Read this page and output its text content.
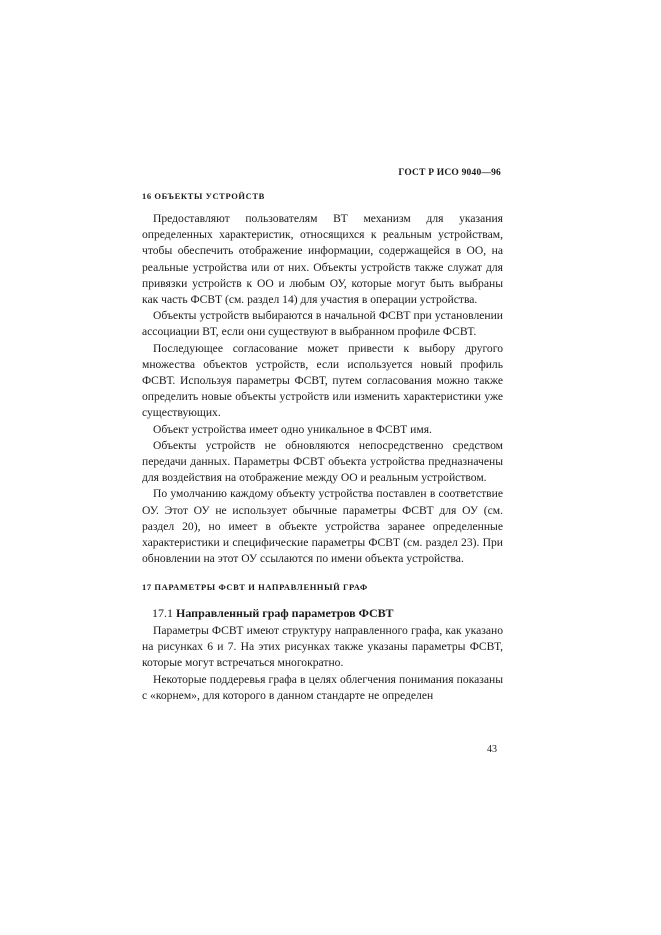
ГОСТ Р ИСО 9040—96
16 ОБЪЕКТЫ УСТРОЙСТВ

Предоставляют пользователям ВТ механизм для указания определенных характеристик, относящихся к реальным устройствам, чтобы обеспечить отображение информации, содержащейся в ОО, на реальные устройства или от них. Объекты устройств также служат для привязки устройств к ОО и любым ОУ, которые могут быть выбраны как часть ФСВТ (см. раздел 14) для участия в операции устройства.

Объекты устройств выбираются в начальной ФСВТ при установлении ассоциации ВТ, если они существуют в выбранном профиле ФСВТ.

Последующее согласование может привести к выбору другого множества объектов устройств, если используется новый профиль ФСВТ. Используя параметры ФСВТ, путем согласования можно также определить новые объекты устройств или изменить характеристики уже существующих.

Объект устройства имеет одно уникальное в ФСВТ имя.

Объекты устройств не обновляются непосредственно средством передачи данных. Параметры ФСВТ объекта устройства предназначены для воздействия на отображение между ОО и реальным устройством.

По умолчанию каждому объекту устройства поставлен в соответствие ОУ. Этот ОУ не использует обычные параметры ФСВТ для ОУ (см. раздел 20), но имеет в объекте устройства заранее определенные характеристики и специфические параметры ФСВТ (см. раздел 23). При обновлении на этот ОУ ссылаются по имени объекта устройства.

17 ПАРАМЕТРЫ ФСВТ И НАПРАВЛЕННЫЙ ГРАФ
17.1 Направленный граф параметров ФСВТ

Параметры ФСВТ имеют структуру направленного графа, как указано на рисунках 6 и 7. На этих рисунках также указаны параметры ФСВТ, которые могут встречаться многократно.

Некоторые поддеревья графа в целях облегчения понимания показаны с «корнем», для которого в данном стандарте не определен

43
